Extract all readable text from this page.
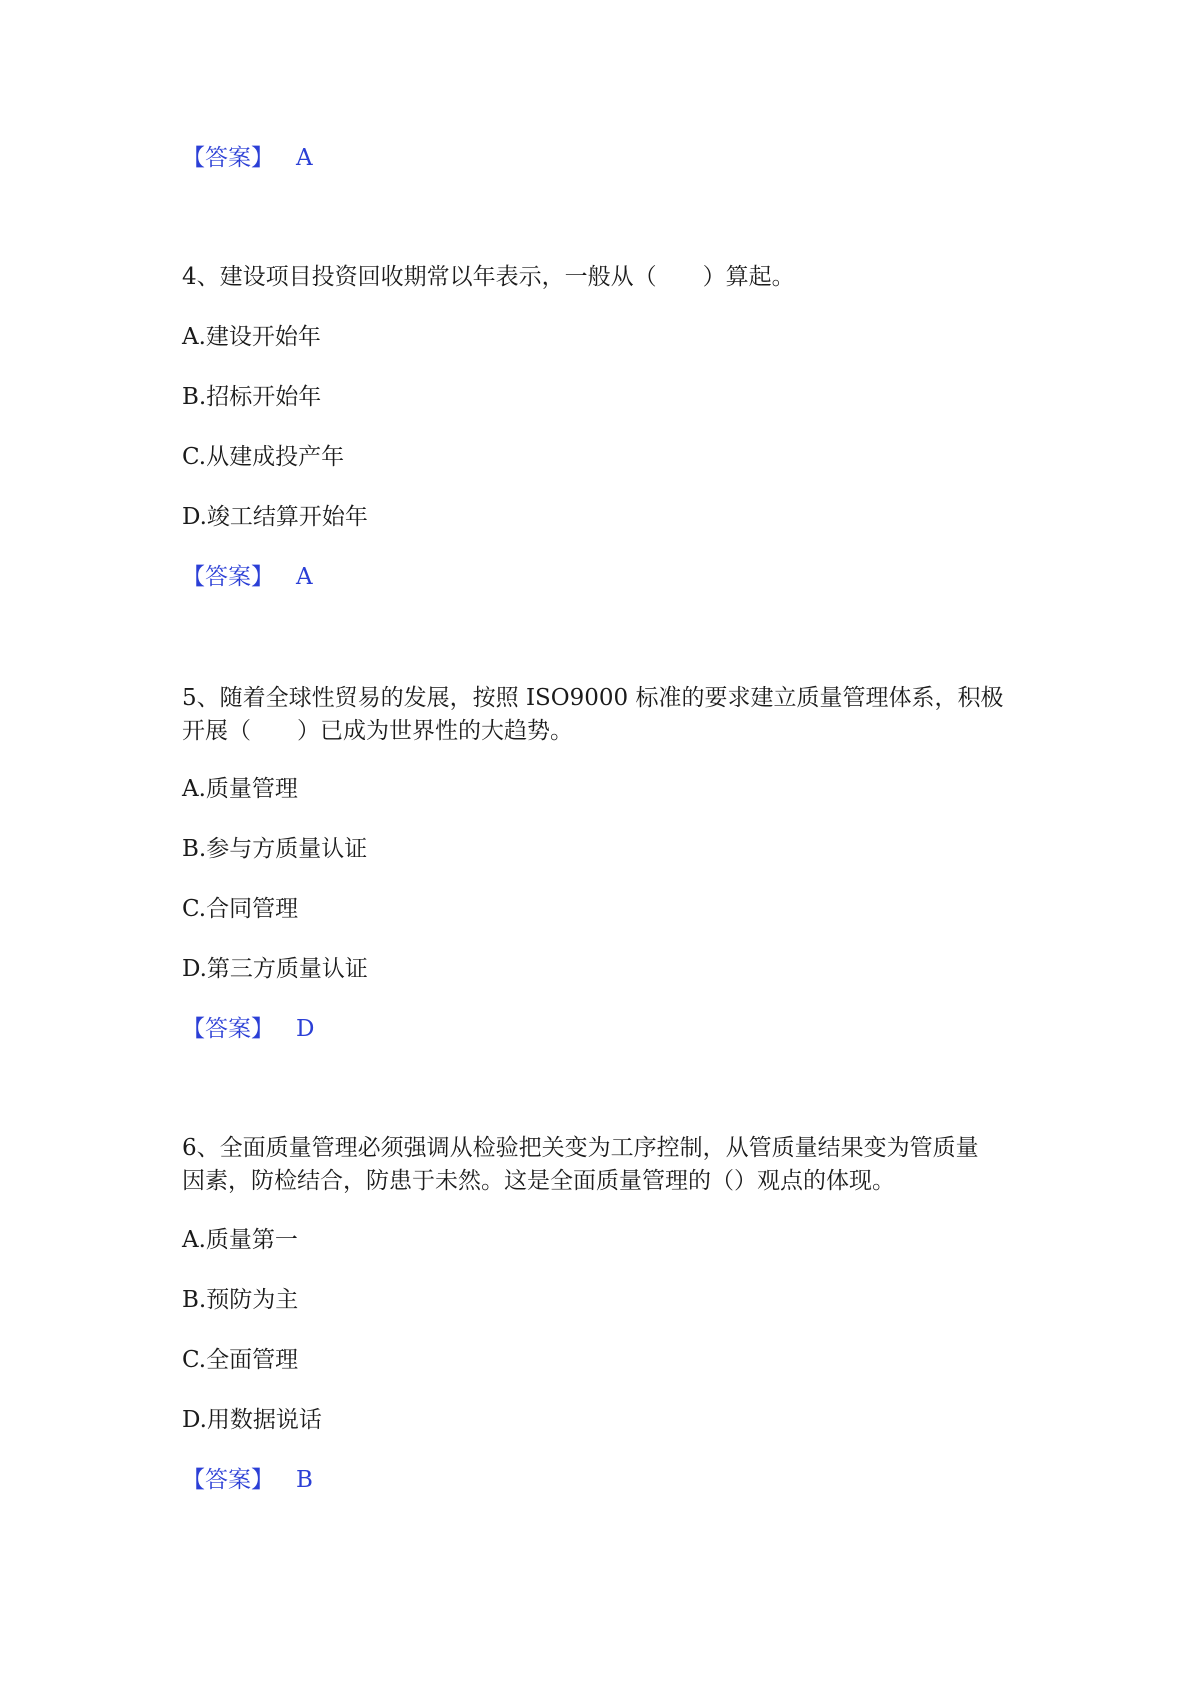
【答案】 A
4、建设项目投资回收期常以年表示，一般从（　　）算起。
A.建设开始年
B.招标开始年
C.从建成投产年
D.竣工结算开始年
【答案】 A
5、随着全球性贸易的发展，按照 ISO9000 标准的要求建立质量管理体系，积极
开展（　　）已成为世界性的大趋势。
A.质量管理
B.参与方质量认证
C.合同管理
D.第三方质量认证
【答案】 D
6、全面质量管理必须强调从检验把关变为工序控制，从管质量结果变为管质量
因素，防检结合，防患于未然。这是全面质量管理的（）观点的体现。
A.质量第一
B.预防为主
C.全面管理
D.用数据说话
【答案】 B
